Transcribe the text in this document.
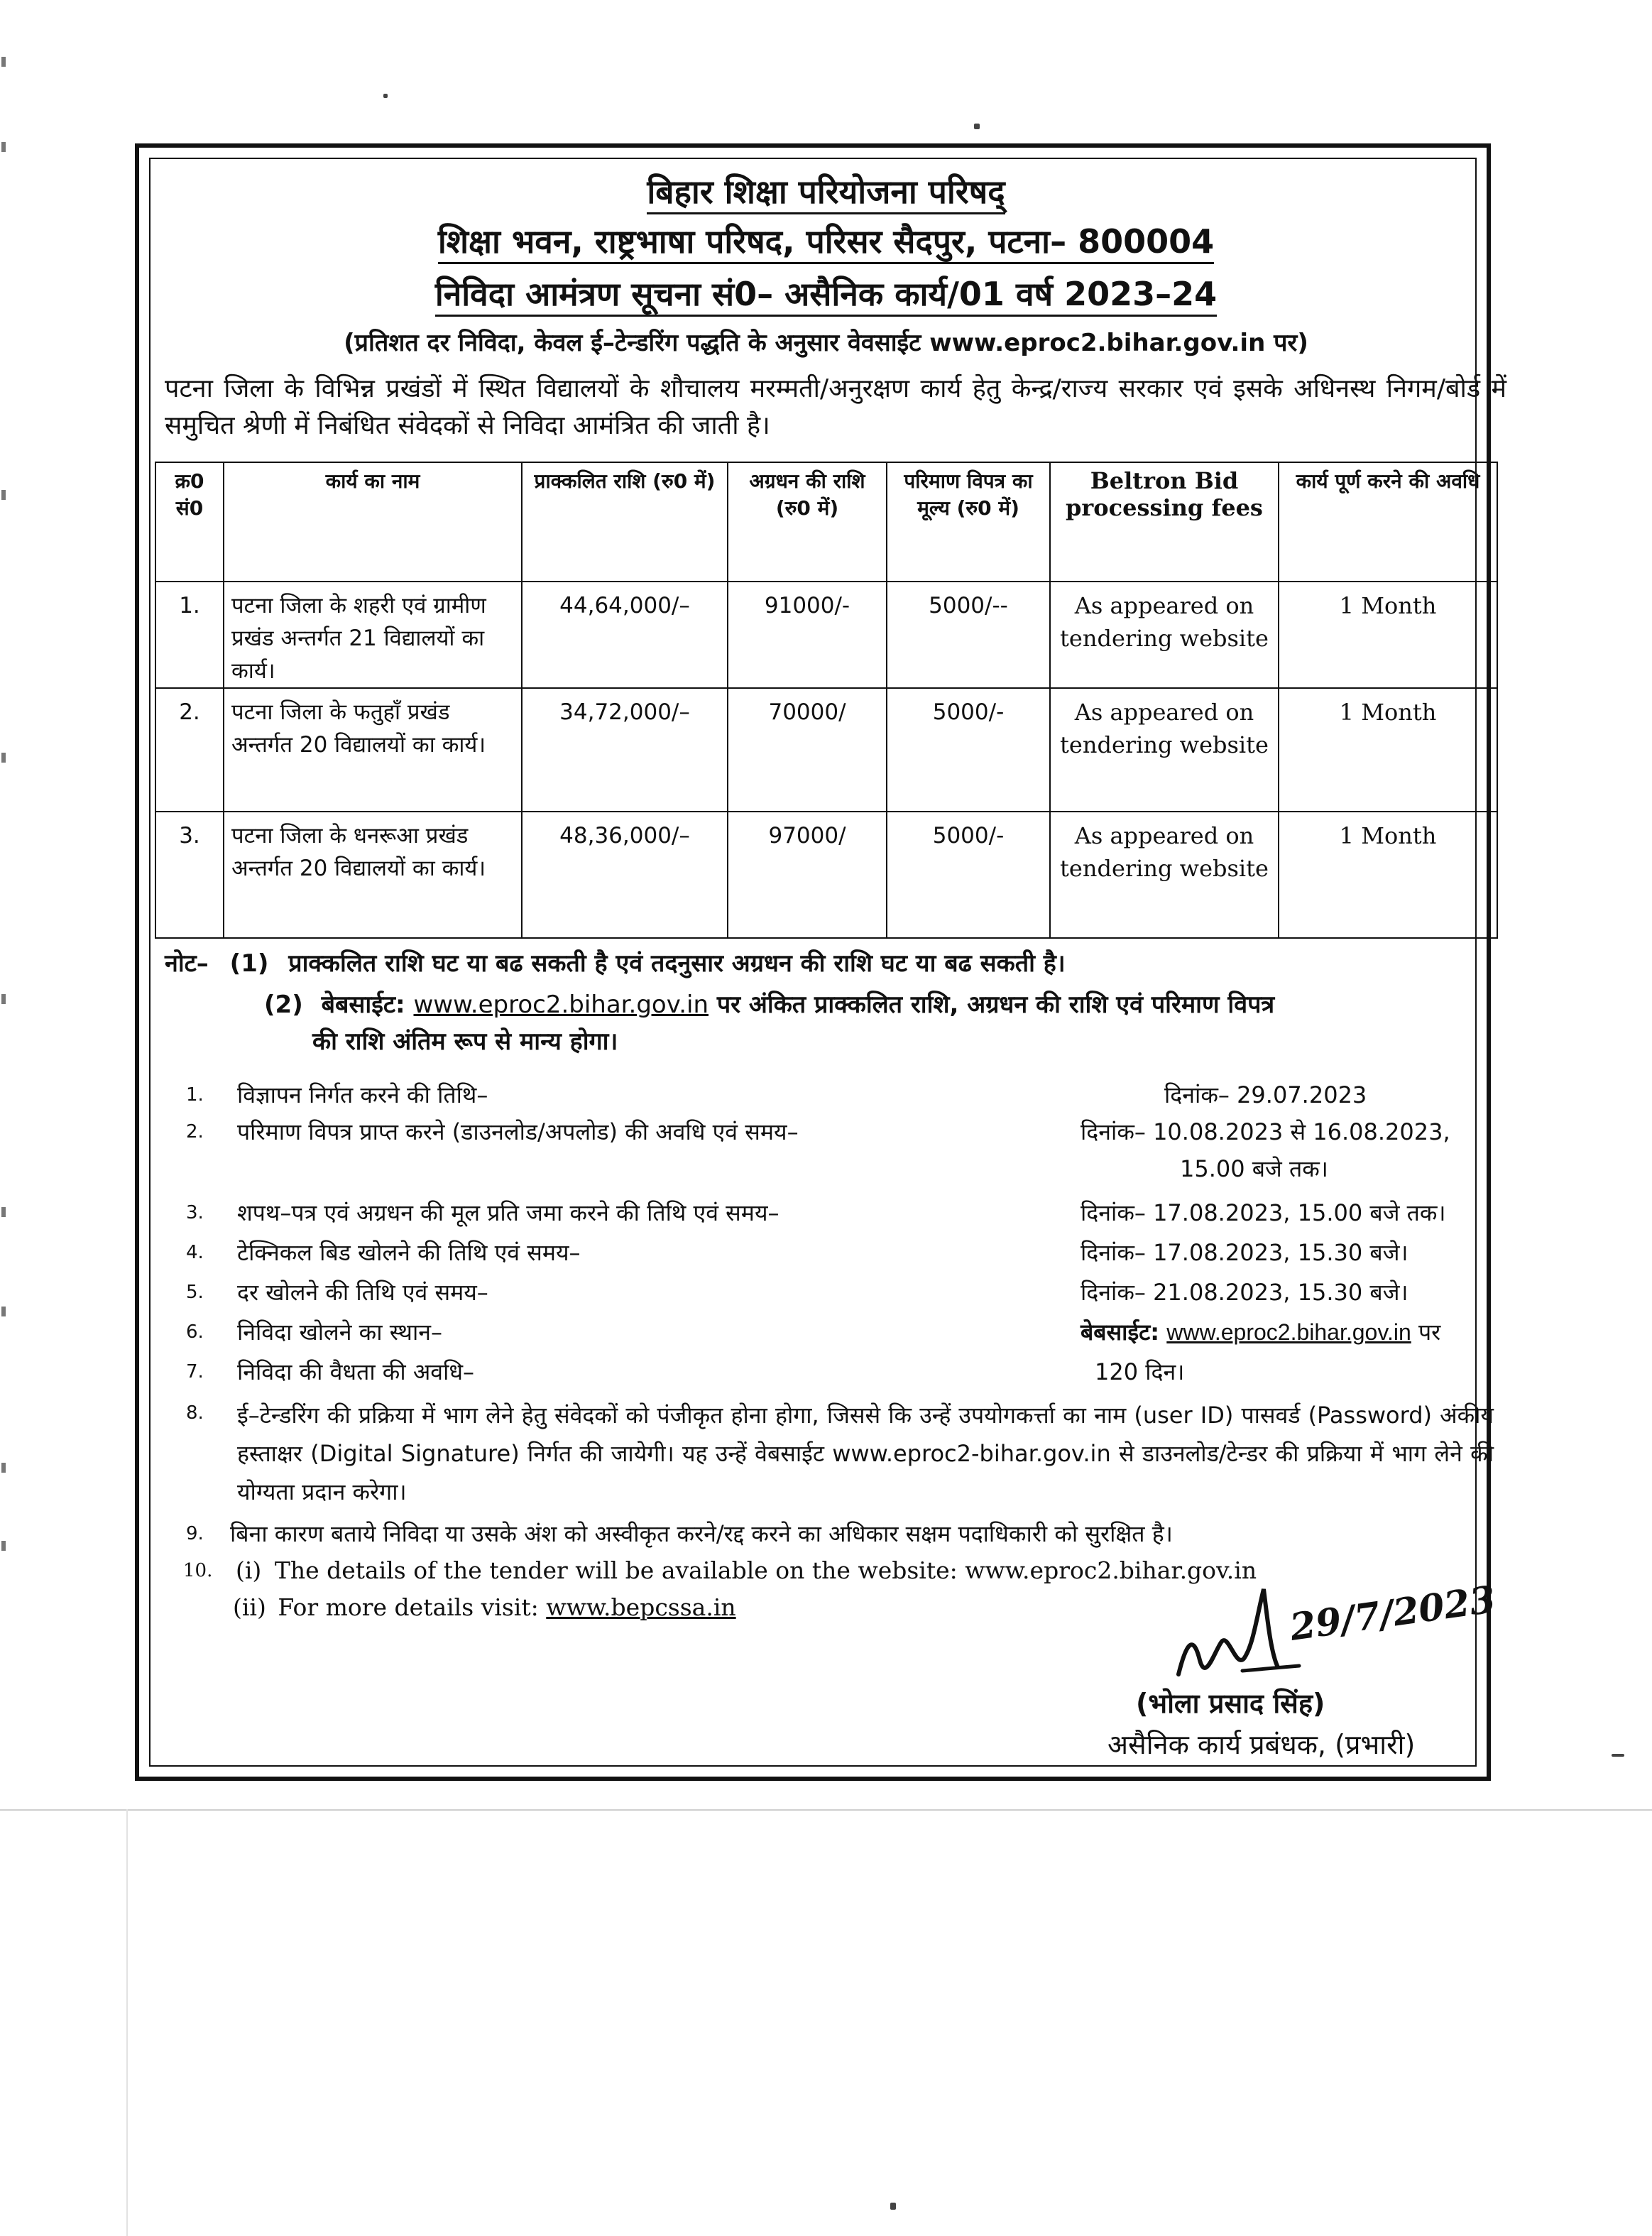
बिहार शिक्षा परियोजना परिषद्
शिक्षा भवन, राष्ट्रभाषा परिषद, परिसर सैदपुर, पटना– 800004
निविदा आमंत्रण सूचना सं0– असैनिक कार्य/01 वर्ष 2023–24
(प्रतिशत दर निविदा, केवल ई–टेन्डरिंग पद्धति के अनुसार वेवसाईट www.eproc2.bihar.gov.in पर)
पटना जिला के विभिन्न प्रखंडों में स्थित विद्यालयों के शौचालय मरम्मती/अनुरक्षण कार्य हेतु केन्द्र/राज्य सरकार एवं इसके अधिनस्थ निगम/बोर्ड में समुचित श्रेणी में निबंधित संवेदकों से निविदा आमंत्रित की जाती है।
क्र0 सं0	कार्य का नाम	प्राक्कलित राशि (रु0 में)	अग्रधन की राशि (रु0 में)	परिमाण विपत्र का मूल्य (रु0 में)	Beltron Bid processing fees	कार्य पूर्ण करने की अवधि
1.	पटना जिला के शहरी एवं ग्रामीण प्रखंड अन्तर्गत 21 विद्यालयों का कार्य।	44,64,000/–	91000/-	5000/--	As appeared on tendering website	1 Month
2.	पटना जिला के फतुहाँ प्रखंड अन्तर्गत 20 विद्यालयों का कार्य।	34,72,000/–	70000/	5000/-	As appeared on tendering website	1 Month
3.	पटना जिला के धनरूआ प्रखंड अन्तर्गत 20 विद्यालयों का कार्य।	48,36,000/–	97000/	5000/-	As appeared on tendering website	1 Month
नोट– (1) प्राक्कलित राशि घट या बढ सकती है एवं तदनुसार अग्रधन की राशि घट या बढ सकती है।
(2) बेबसाईट: www.eproc2.bihar.gov.in पर अंकित प्राक्कलित राशि, अग्रधन की राशि एवं परिमाण विपत्र
की राशि अंतिम रूप से मान्य होगा।
1.	विज्ञापन निर्गत करने की तिथि–	दिनांक– 29.07.2023
2.	परिमाण विपत्र प्राप्त करने (डाउनलोड/अपलोड) की अवधि एवं समय–	दिनांक– 10.08.2023 से 16.08.2023,
15.00 बजे तक।
3.	शपथ–पत्र एवं अग्रधन की मूल प्रति जमा करने की तिथि एवं समय–	दिनांक– 17.08.2023, 15.00 बजे तक।
4.	टेक्निकल बिड खोलने की तिथि एवं समय–	दिनांक– 17.08.2023, 15.30 बजे।
5.	दर खोलने की तिथि एवं समय–	दिनांक– 21.08.2023, 15.30 बजे।
6.	निविदा खोलने का स्थान–	बेबसाईट: www.eproc2.bihar.gov.in पर
7.	निविदा की वैधता की अवधि–	120 दिन।
8.	ई–टेन्डरिंग की प्रक्रिया में भाग लेने हेतु संवेदकों को पंजीकृत होना होगा, जिससे कि उन्हें उपयोगकर्त्ता का नाम (user ID) पासवर्ड (Password) अंकीय हस्ताक्षर (Digital Signature) निर्गत की जायेगी। यह उन्हें वेबसाईट www.eproc2-bihar.gov.in से डाउनलोड/टेन्डर की प्रक्रिया में भाग लेने की योग्यता प्रदान करेगा।
9.	बिना कारण बताये निविदा या उसके अंश को अस्वीकृत करने/रद्द करने का अधिकार सक्षम पदाधिकारी को सुरक्षित है।
10. (i) The details of the tender will be available on the website: www.eproc2.bihar.gov.in
(ii) For more details visit: www.bepcssa.in	29/7/2023
(भोला प्रसाद सिंह)
असैनिक कार्य प्रबंधक, (प्रभारी)
